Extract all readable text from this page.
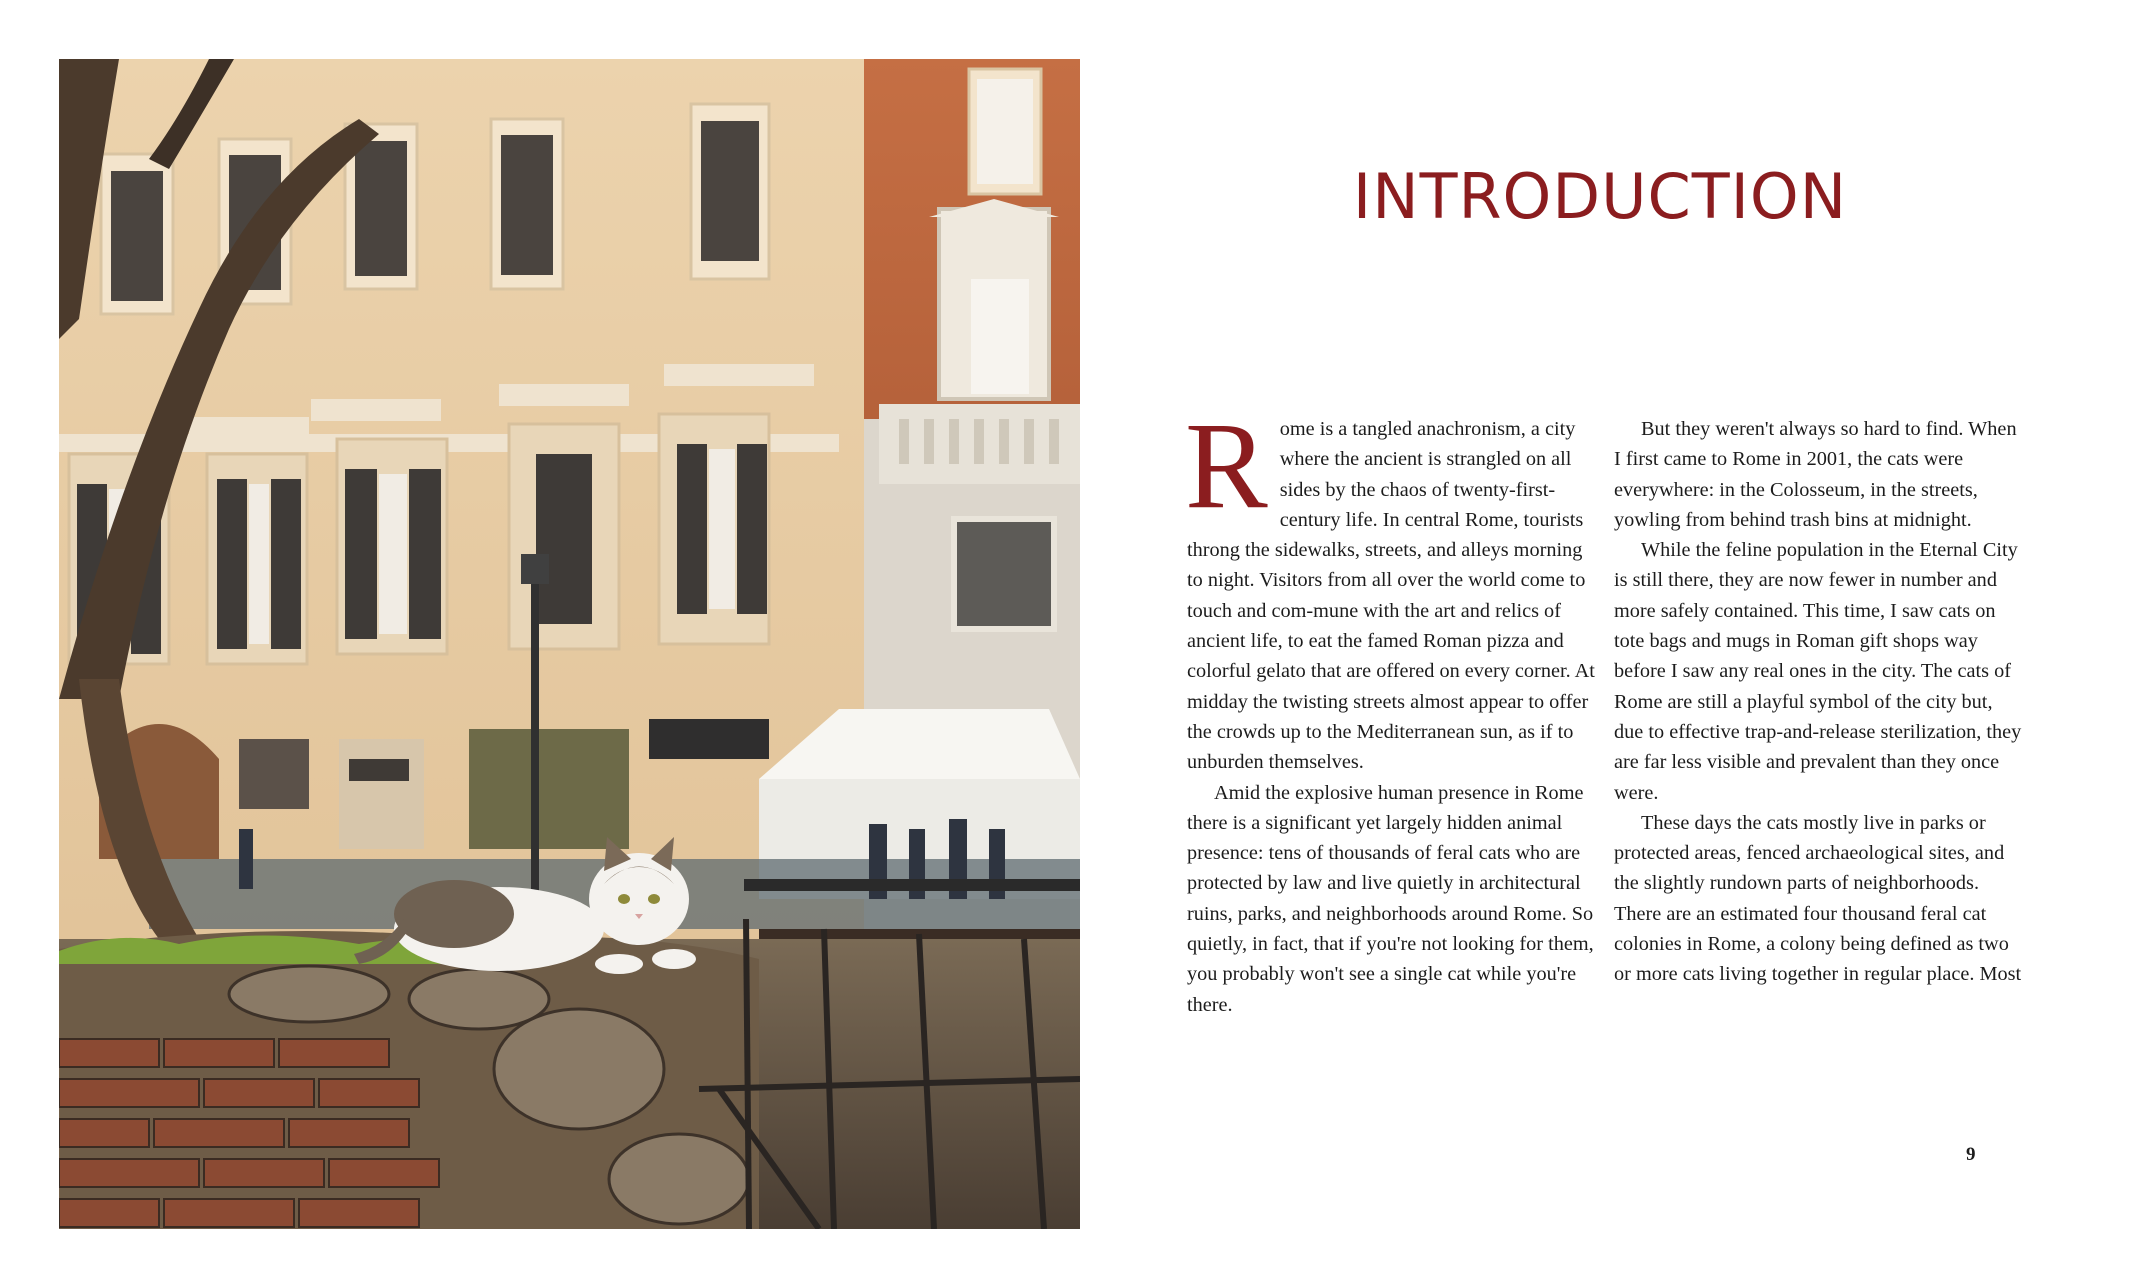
INTRODUCTION

Rome is a tangled anachronism, a city where the ancient is strangled on all sides by the chaos of twenty-first-century life. In central Rome, tourists throng the sidewalks, streets, and alleys morning to night. Visitors from all over the world come to touch and com-mune with the art and relics of ancient life, to eat the famed Roman pizza and colorful gelato that are offered on every corner. At midday the twisting streets almost appear to offer the crowds up to the Mediterranean sun, as if to unburden themselves.

Amid the explosive human presence in Rome there is a significant yet largely hidden animal presence: tens of thousands of feral cats who are protected by law and live quietly in architectural ruins, parks, and neighborhoods around Rome. So quietly, in fact, that if you're not looking for them, you probably won't see a single cat while you're there.

But they weren't always so hard to find. When I first came to Rome in 2001, the cats were everywhere: in the Colosseum, in the streets, yowling from behind trash bins at midnight.

While the feline population in the Eternal City is still there, they are now fewer in number and more safely contained. This time, I saw cats on tote bags and mugs in Roman gift shops way before I saw any real ones in the city. The cats of Rome are still a playful symbol of the city but, due to effective trap-and-release sterilization, they are far less visible and prevalent than they once were.

These days the cats mostly live in parks or protected areas, fenced archaeological sites, and the slightly rundown parts of neighborhoods. There are an estimated four thousand feral cat colonies in Rome, a colony being defined as two or more cats living together in regular place. Most

9
